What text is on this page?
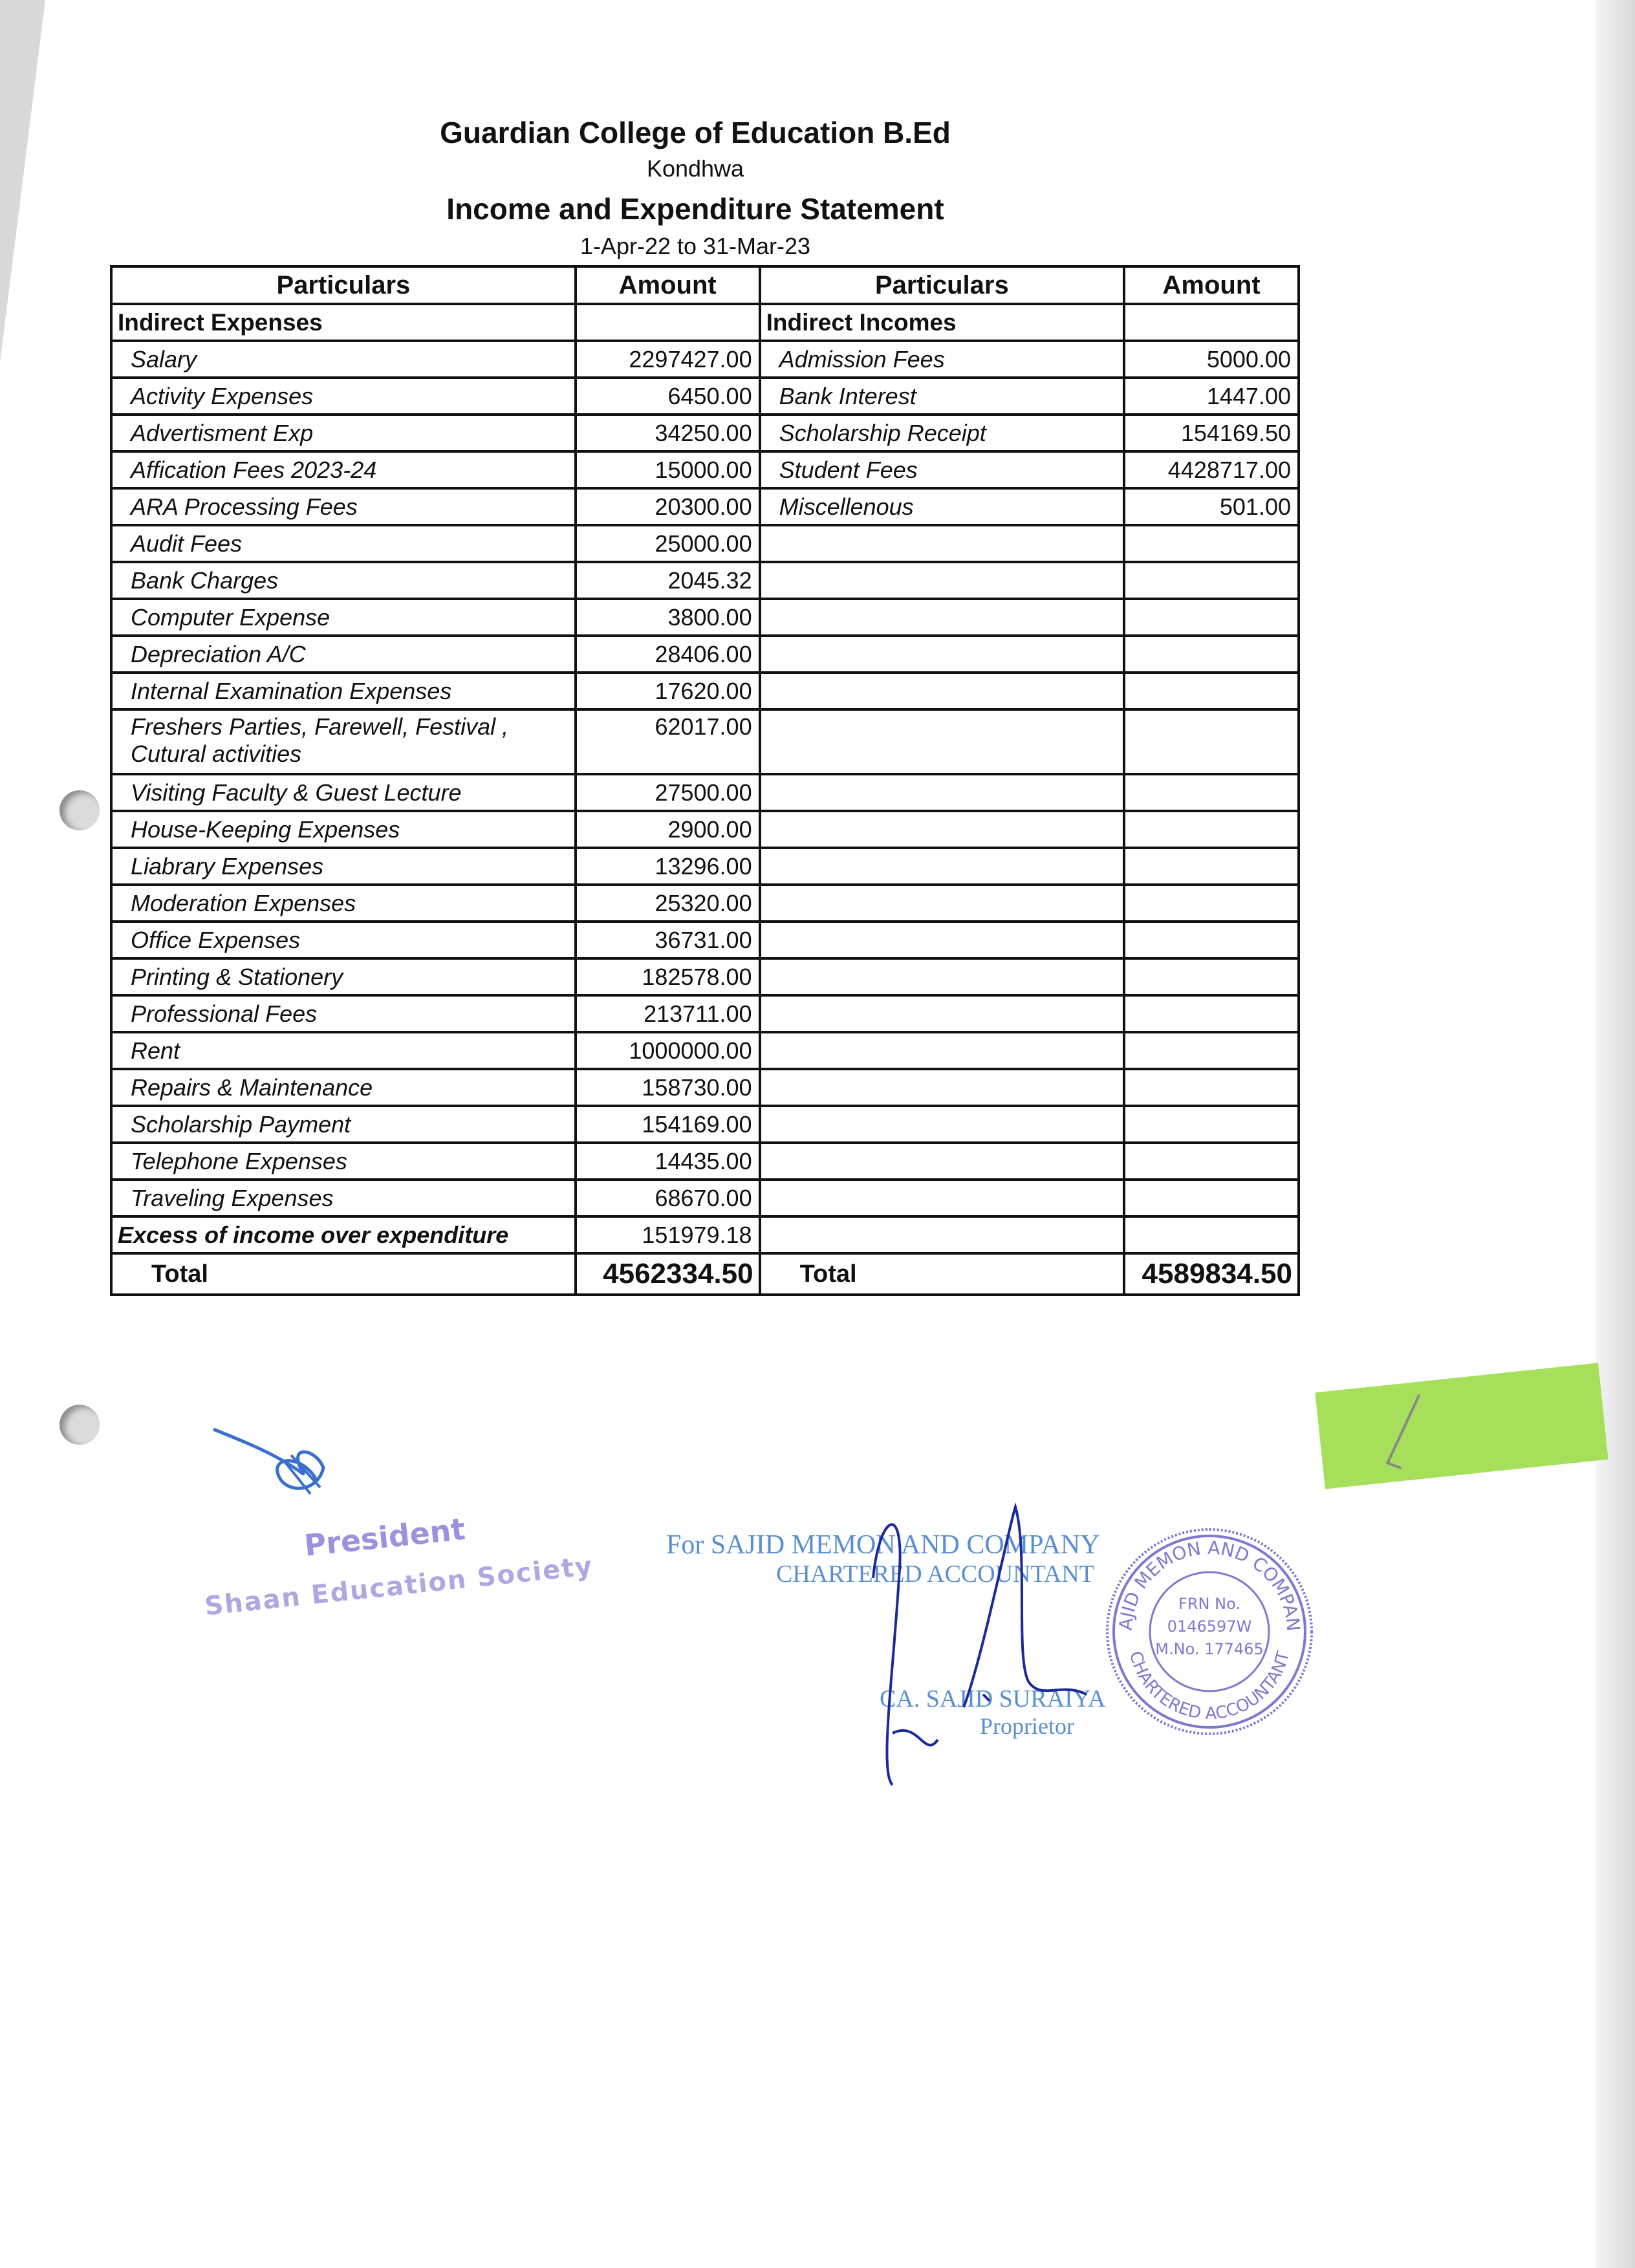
Guardian College of Education B.Ed
Kondhwa
Income and Expenditure Statement
1-Apr-22 to 31-Mar-23
Particulars	Amount	Particulars	Amount
Indirect Expenses		Indirect Incomes	
Salary	2297427.00	Admission Fees	5000.00
Activity Expenses	6450.00	Bank Interest	1447.00
Advertisment Exp	34250.00	Scholarship Receipt	154169.50
Affication Fees 2023-24	15000.00	Student Fees	4428717.00
ARA Processing Fees	20300.00	Miscellenous	501.00
Audit Fees	25000.00		
Bank Charges	2045.32		
Computer Expense	3800.00		
Depreciation A/C	28406.00		
Internal Examination Expenses	17620.00		
Freshers Parties, Farewell, Festival , Cutural activities	62017.00		
Visiting Faculty & Guest Lecture	27500.00		
House-Keeping Expenses	2900.00		
Liabrary Expenses	13296.00		
Moderation Expenses	25320.00		
Office Expenses	36731.00		
Printing & Stationery	182578.00		
Professional Fees	213711.00		
Rent	1000000.00		
Repairs & Maintenance	158730.00		
Scholarship Payment	154169.00		
Telephone Expenses	14435.00		
Traveling Expenses	68670.00		
Excess of income over expenditure	151979.18		
Total	4562334.50	Total	4589834.50
President
Shaan Education Society
For SAJID MEMON AND COMPANY
CHARTERED ACCOUNTANT
CA. SAJID SURAIYA
Proprietor
AJID MEMON AND COMPAN
CHARTERED ACCOUNTANT
FRN No.
0146597W
M.No. 177465
